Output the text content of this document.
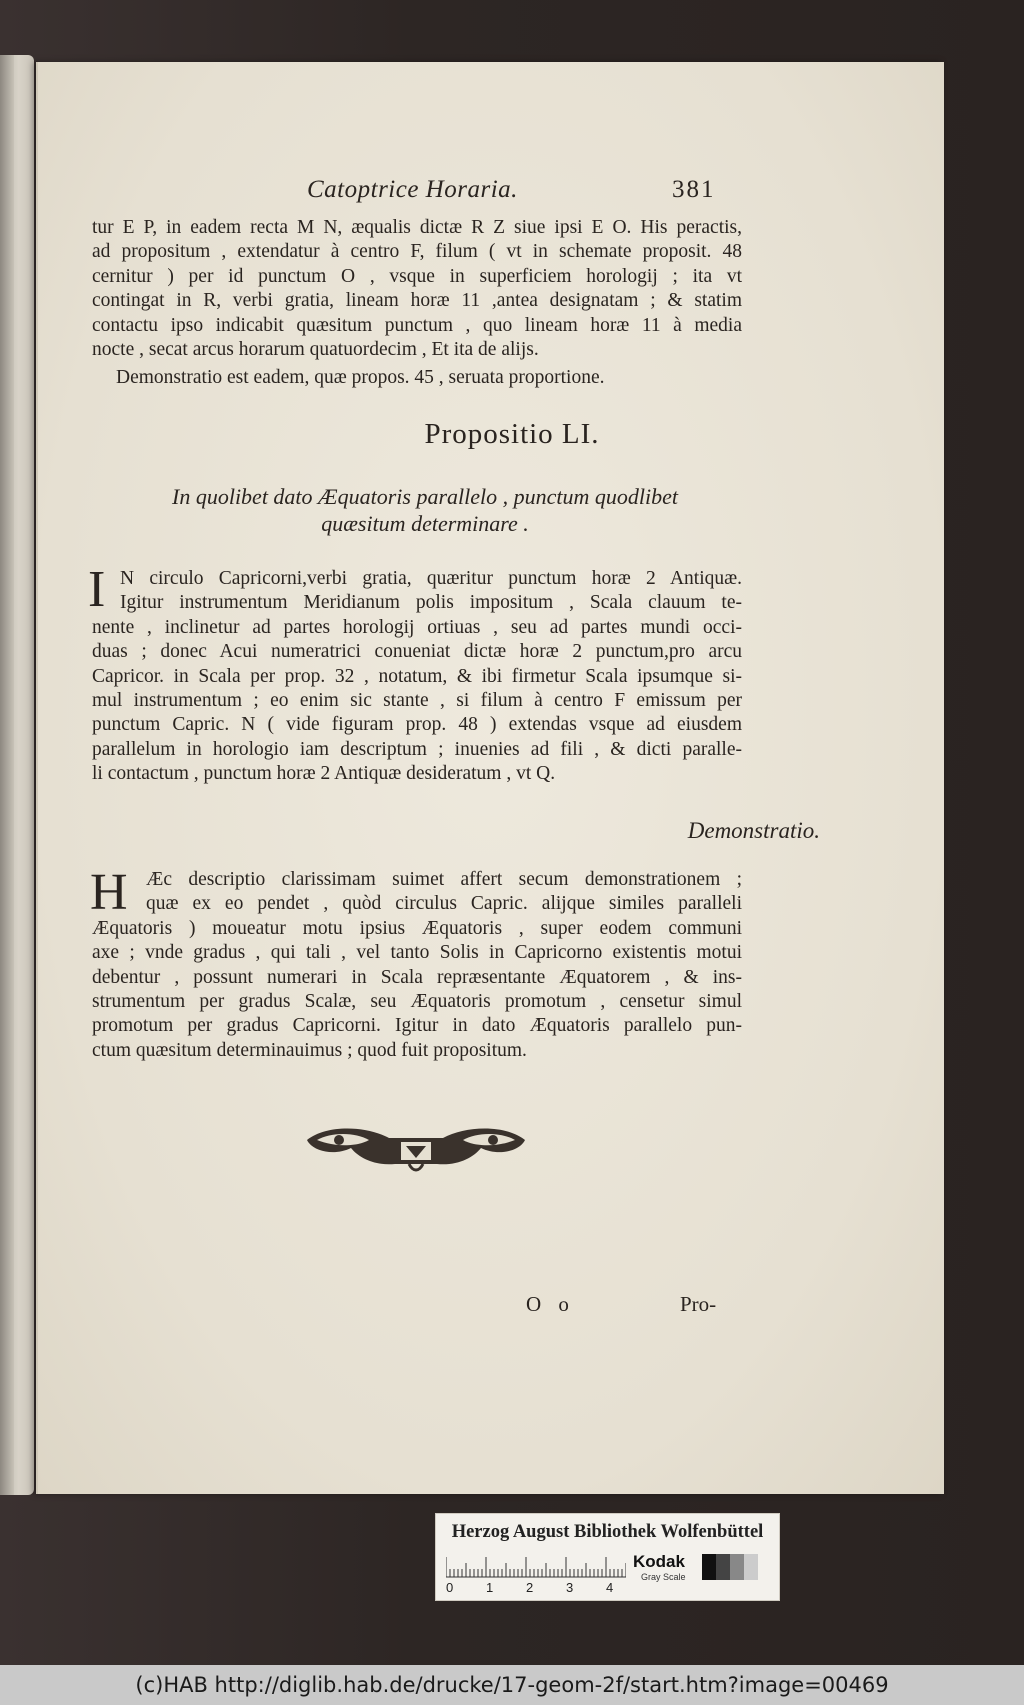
Catoptrice Horaria.	381
tur E P, in eadem recta M N, æqualis dictæ R Z siue ipsi E O. His peractis,
ad propositum , extendatur à centro F, filum ( vt in schemate proposit. 48
cernitur ) per id punctum O , vsque in superficiem horologij ; ita vt
contingat in R, verbi gratia, lineam horæ 11 ,antea designatam ; & statim
contactu ipso indicabit quæsitum punctum , quo lineam horæ 11 à media
nocte , secat arcus horarum quatuordecim , Et ita de alijs.
Demonstratio est eadem, quæ propos. 45 , seruata proportione.
Propositio LI.
In quolibet dato Æquatoris parallelo , punctum quodlibet
quæsitum determinare .
I N circulo Capricorni,verbi gratia, quæritur punctum horæ 2 Antiquæ.
Igitur instrumentum Meridianum polis impositum , Scala clauum te-
nente , inclinetur ad partes horologij ortiuas , seu ad partes mundi occi-
duas ; donec Acui numeratrici conueniat dictæ horæ 2 punctum,pro arcu
Capricor. in Scala per prop. 32 , notatum, & ibi firmetur Scala ipsumque si-
mul instrumentum ; eo enim sic stante , si filum à centro F emissum per
punctum Capric. N ( vide figuram prop. 48 ) extendas vsque ad eiusdem
parallelum in horologio iam descriptum ; inuenies ad fili , & dicti paralle-
li contactum , punctum horæ 2 Antiquæ desideratum , vt Q.
Demonstratio.
H Æc descriptio clarissimam suimet affert secum demonstrationem ;
quæ ex eo pendet , quòd circulus Capric. alijque similes paralleli
Æquatoris ) moueatur motu ipsius Æquatoris , super eodem communi
axe ; vnde gradus , qui tali , vel tanto Solis in Capricorno existentis motui
debentur , possunt numerari in Scala repræsentante Æquatorem , & ins-
strumentum per gradus Scalæ, seu Æquatoris promotum , censetur simul
promotum per gradus Capricorni. Igitur in dato Æquatoris parallelo pun-
ctum quæsitum determinauimus ; quod fuit propositum.
O o	Pro-
Herzog August Bibliothek Wolfenbüttel
0	1	2	3	4
Kodak
Gray Scale
(c)HAB http://diglib.hab.de/drucke/17-geom-2f/start.htm?image=00469
